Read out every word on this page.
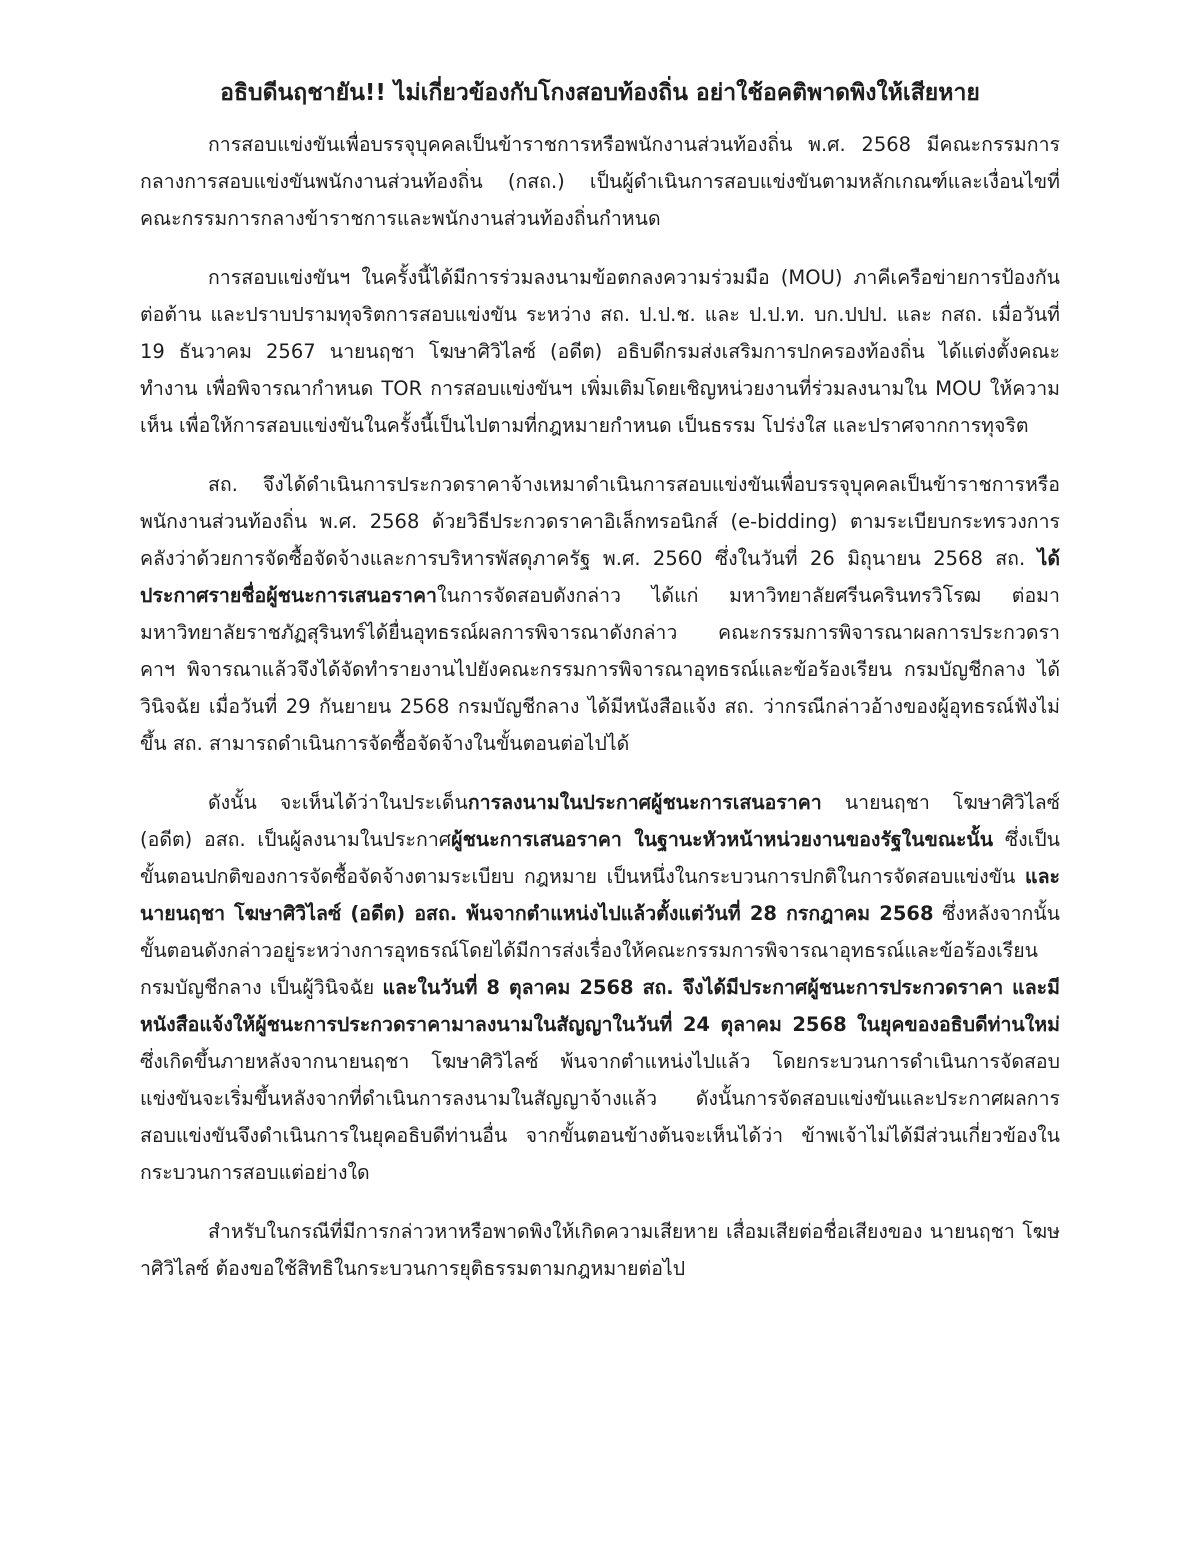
อธิบดีนฤชายัน!! ไม่เกี่ยวข้องกับโกงสอบท้องถิ่น อย่าใช้อคติพาดพิงให้เสียหาย

การสอบแข่งขันเพื่อบรรจุบุคคลเป็นข้าราชการหรือพนักงานส่วนท้องถิ่น พ.ศ. 2568 มีคณะกรรมการกลางการสอบแข่งขันพนักงานส่วนท้องถิ่น (กสถ.) เป็นผู้ดำเนินการสอบแข่งขันตามหลักเกณฑ์และเงื่อนไขที่คณะกรรมการกลางข้าราชการและพนักงานส่วนท้องถิ่นกำหนด

การสอบแข่งขันฯ ในครั้งนี้ได้มีการร่วมลงนามข้อตกลงความร่วมมือ (MOU) ภาคีเครือข่ายการป้องกัน ต่อต้าน และปราบปรามทุจริตการสอบแข่งขัน ระหว่าง สถ. ป.ป.ช. และ ป.ป.ท. บก.ปปป. และ กสถ. เมื่อวันที่ 19 ธันวาคม 2567 นายนฤชา โฆษาศิวิไลซ์ (อดีต) อธิบดีกรมส่งเสริมการปกครองท้องถิ่น ได้แต่งตั้งคณะทำงาน เพื่อพิจารณากำหนด TOR การสอบแข่งขันฯ เพิ่มเติมโดยเชิญหน่วยงานที่ร่วมลงนามใน MOU ให้ความเห็น เพื่อให้การสอบแข่งขันในครั้งนี้เป็นไปตามที่กฎหมายกำหนด เป็นธรรม โปร่งใส และปราศจากการทุจริต

สถ. จึงได้ดำเนินการประกวดราคาจ้างเหมาดำเนินการสอบแข่งขันเพื่อบรรจุบุคคลเป็นข้าราชการหรือพนักงานส่วนท้องถิ่น พ.ศ. 2568 ด้วยวิธีประกวดราคาอิเล็กทรอนิกส์ (e-bidding) ตามระเบียบกระทรวงการคลังว่าด้วยการจัดซื้อจัดจ้างและการบริหารพัสดุภาครัฐ พ.ศ. 2560 ซึ่งในวันที่ 26 มิถุนายน 2568 สถ. ได้ประกาศรายชื่อผู้ชนะการเสนอราคาในการจัดสอบดังกล่าว ได้แก่ มหาวิทยาลัยศรีนครินทรวิโรฒ ต่อมามหาวิทยาลัยราชภัฏสุรินทร์ได้ยื่นอุทธรณ์ผลการพิจารณาดังกล่าว คณะกรรมการพิจารณาผลการประกวดราคาฯ พิจารณาแล้วจึงได้จัดทำรายงานไปยังคณะกรรมการพิจารณาอุทธรณ์และข้อร้องเรียน กรมบัญชีกลาง ได้วินิจฉัย เมื่อวันที่ 29 กันยายน 2568 กรมบัญชีกลาง ได้มีหนังสือแจ้ง สถ. ว่ากรณีกล่าวอ้างของผู้อุทธรณ์ฟังไม่ขึ้น สถ. สามารถดำเนินการจัดซื้อจัดจ้างในขั้นตอนต่อไปได้

ดังนั้น จะเห็นได้ว่าในประเด็นการลงนามในประกาศผู้ชนะการเสนอราคา นายนฤชา โฆษาศิวิไลซ์ (อดีต) อสถ. เป็นผู้ลงนามในประกาศผู้ชนะการเสนอราคา ในฐานะหัวหน้าหน่วยงานของรัฐในขณะนั้น ซึ่งเป็นขั้นตอนปกติของการจัดซื้อจัดจ้างตามระเบียบ กฎหมาย เป็นหนึ่งในกระบวนการปกติในการจัดสอบแข่งขัน และนายนฤชา โฆษาศิวิไลซ์ (อดีต) อสถ. พ้นจากตำแหน่งไปแล้วตั้งแต่วันที่ 28 กรกฎาคม 2568 ซึ่งหลังจากนั้นขั้นตอนดังกล่าวอยู่ระหว่างการอุทธรณ์โดยได้มีการส่งเรื่องให้คณะกรรมการพิจารณาอุทธรณ์และข้อร้องเรียน กรมบัญชีกลาง เป็นผู้วินิจฉัย และในวันที่ 8 ตุลาคม 2568 สถ. จึงได้มีประกาศผู้ชนะการประกวดราคา และมีหนังสือแจ้งให้ผู้ชนะการประกวดราคามาลงนามในสัญญาในวันที่ 24 ตุลาคม 2568 ในยุคของอธิบดีท่านใหม่ซึ่งเกิดขึ้นภายหลังจากนายนฤชา โฆษาศิวิไลซ์ พ้นจากตำแหน่งไปแล้ว โดยกระบวนการดำเนินการจัดสอบแข่งขันจะเริ่มขึ้นหลังจากที่ดำเนินการลงนามในสัญญาจ้างแล้ว ดังนั้นการจัดสอบแข่งขันและประกาศผลการสอบแข่งขันจึงดำเนินการในยุคอธิบดีท่านอื่น จากขั้นตอนข้างต้นจะเห็นได้ว่า ข้าพเจ้าไม่ได้มีส่วนเกี่ยวข้องในกระบวนการสอบแต่อย่างใด

สำหรับในกรณีที่มีการกล่าวหาหรือพาดพิงให้เกิดความเสียหาย เสื่อมเสียต่อชื่อเสียงของ นายนฤชา โฆษาศิวิไลซ์ ต้องขอใช้สิทธิในกระบวนการยุติธรรมตามกฎหมายต่อไป
